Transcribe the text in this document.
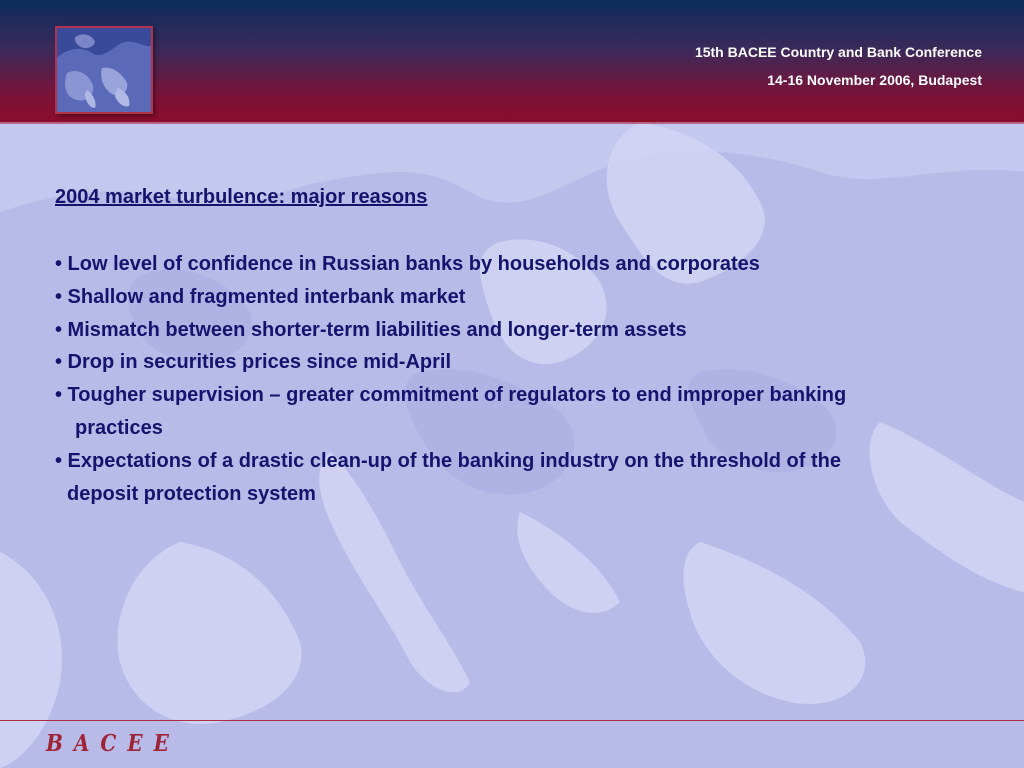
15th BACEE Country and Bank Conference
14-16 November 2006, Budapest
2004 market turbulence: major reasons
• Low level of confidence in Russian banks by households and corporates
• Shallow and fragmented interbank market
• Mismatch between shorter-term liabilities and longer-term assets
• Drop in securities prices since mid-April
• Tougher supervision – greater commitment of regulators to end improper banking
practices
• Expectations of a drastic clean-up of the banking industry on the threshold of the
deposit protection system
BACEE
